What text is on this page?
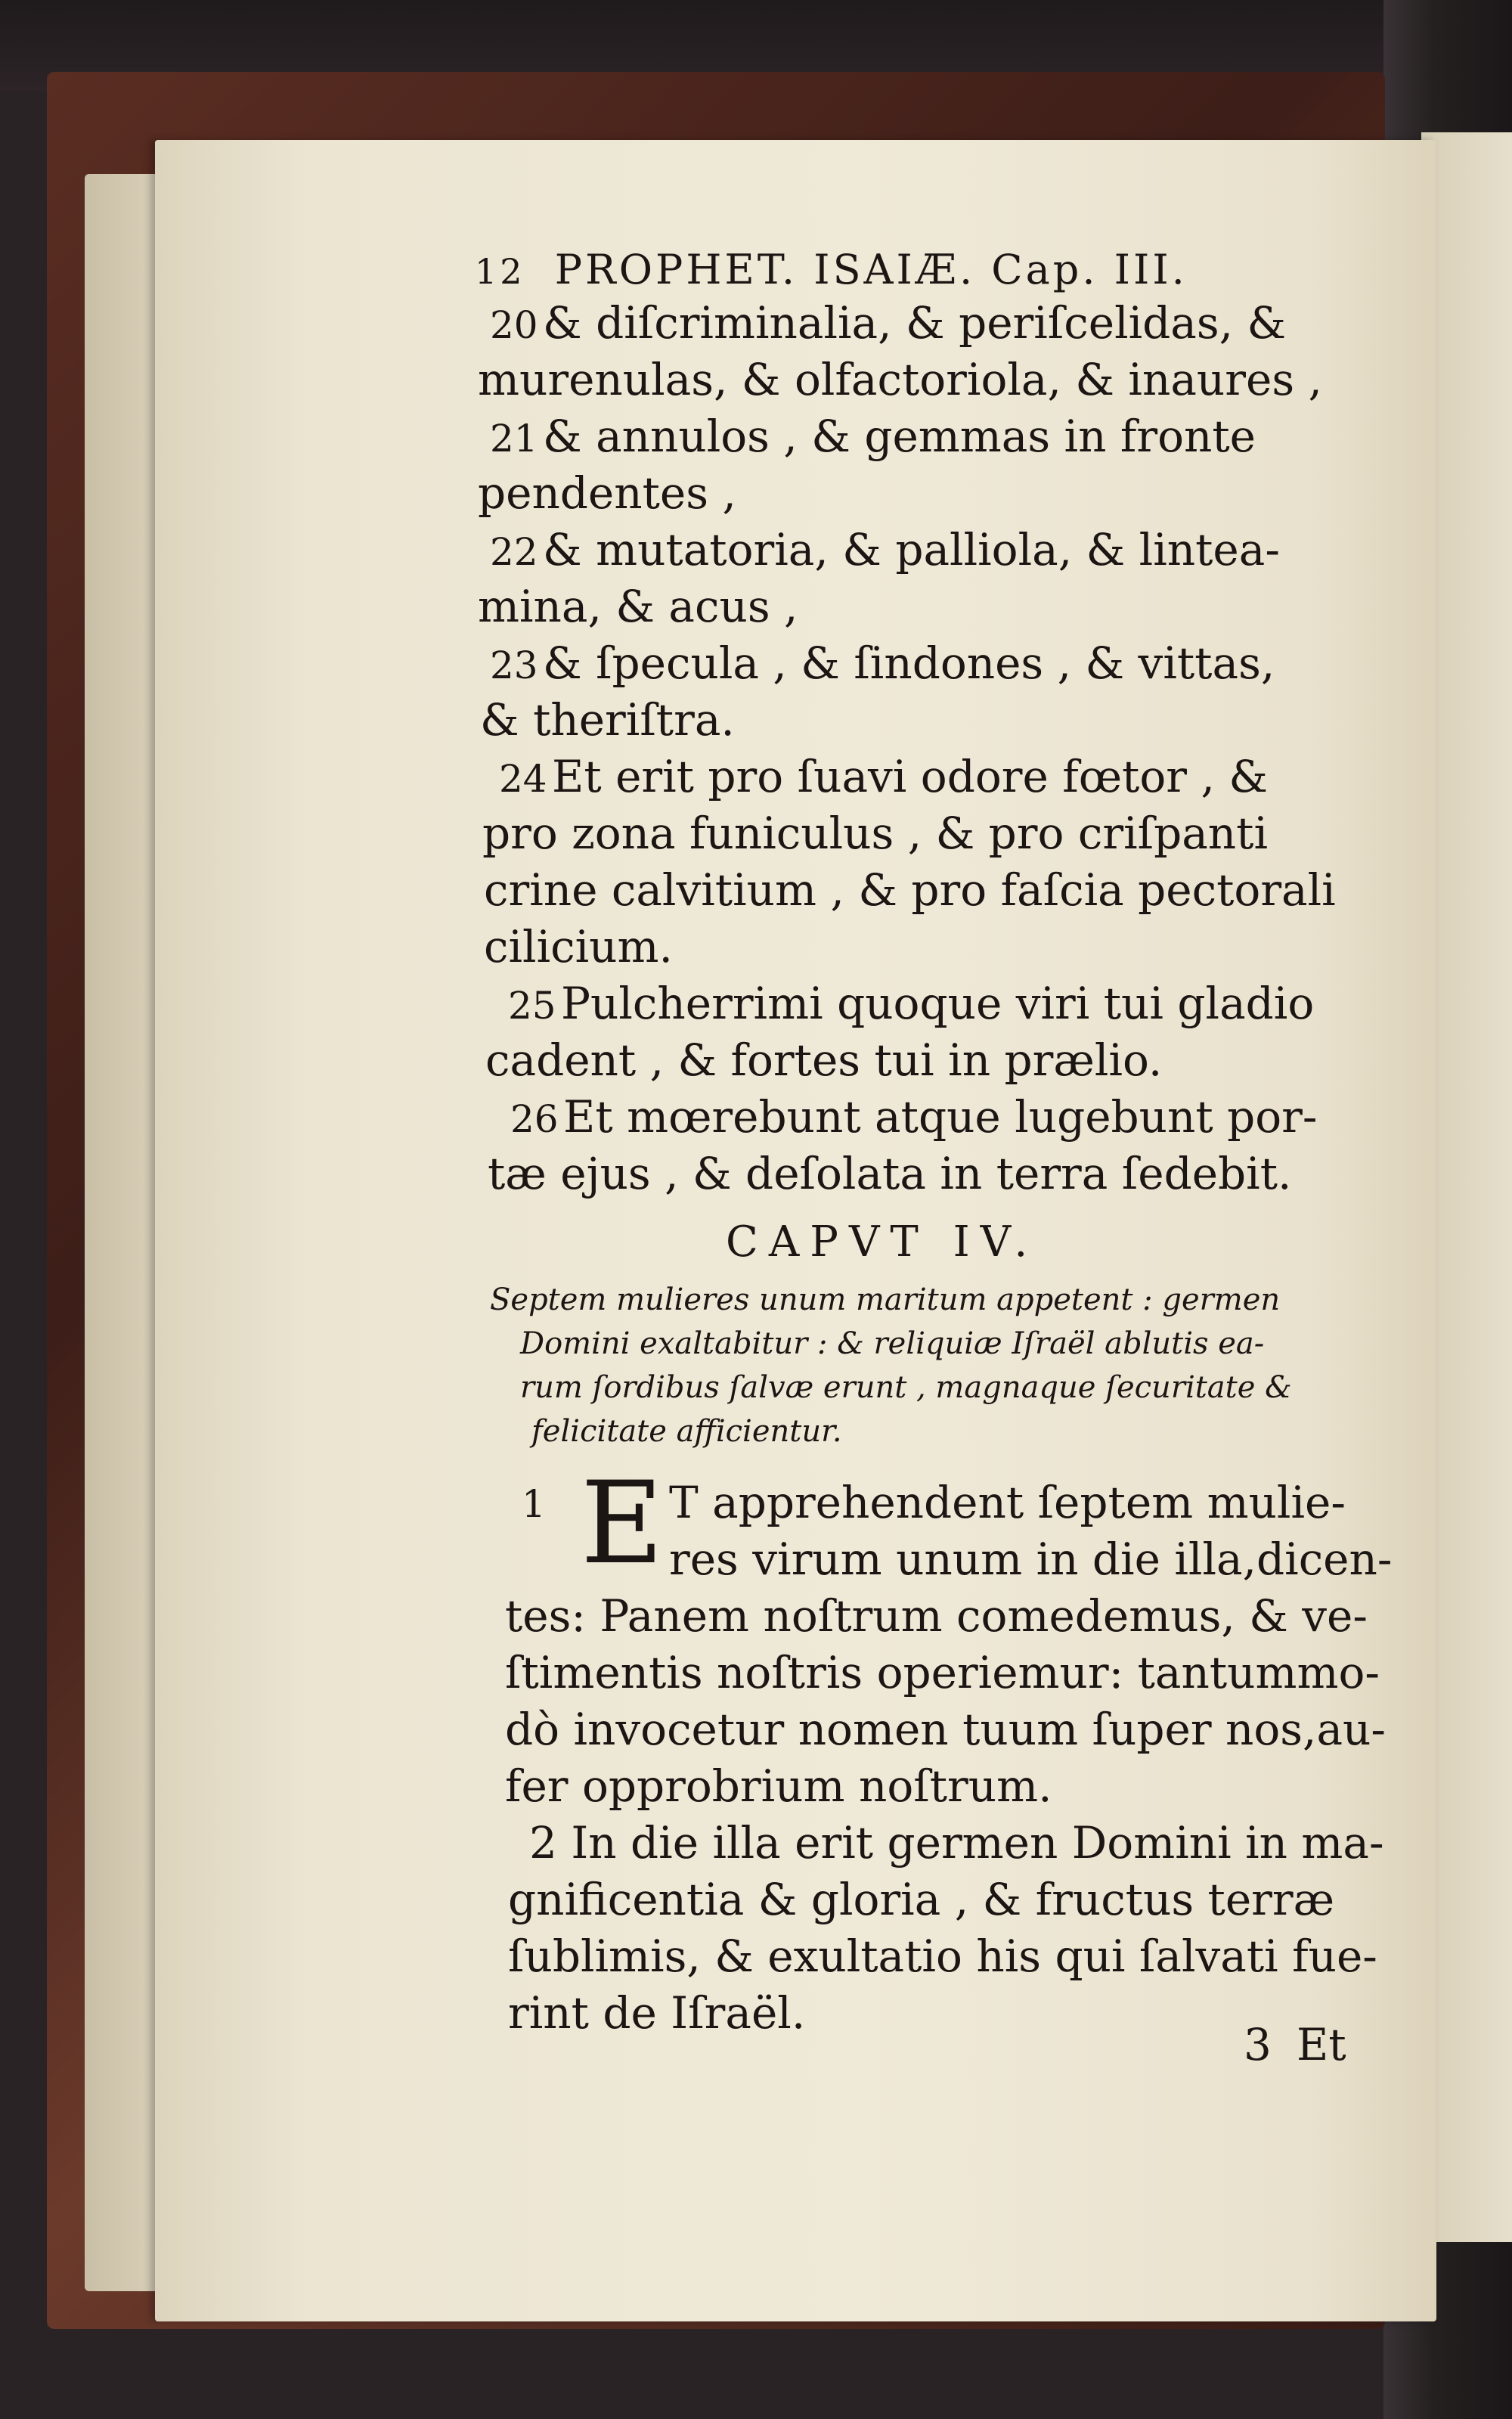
12 PROPHET. ISAIÆ. Cap. III.
20 & diſcriminalia, & periſcelidas, &
murenulas, & olfactoriola, & inaures ,
21 & annulos , & gemmas in fronte
pendentes ,
22 & mutatoria, & palliola, & lintea-
mina, & acus ,
23 & ſpecula , & ſindones , & vittas,
& theriſtra.
24 Et erit pro ſuavi odore fœtor , &
pro zona funiculus , & pro criſpanti
crine calvitium , & pro faſcia pectorali
cilicium.
25 Pulcherrimi quoque viri tui gladio
cadent , & fortes tui in prælio.
26 Et mœrebunt atque lugebunt por-
tæ ejus , & deſolata in terra ſedebit.
CAPVT IV.
Septem mulieres unum maritum appetent : germen
Domini exaltabitur : & reliquiæ Iſraël ablutis ea-
rum ſordibus ſalvæ erunt , magnaque ſecuritate &
felicitate afficientur.
1 E T apprehendent ſeptem mulie-
res virum unum in die illa,dicen-
tes: Panem noſtrum comedemus, & ve-
ſtimentis noſtris operiemur: tantummo-
dò invocetur nomen tuum ſuper nos,au-
fer opprobrium noſtrum.
2 In die illa erit germen Domini in ma-
gnificentia & gloria , & fructus terræ
ſublimis, & exultatio his qui ſalvati fue-
rint de Iſraël.
3 Et
